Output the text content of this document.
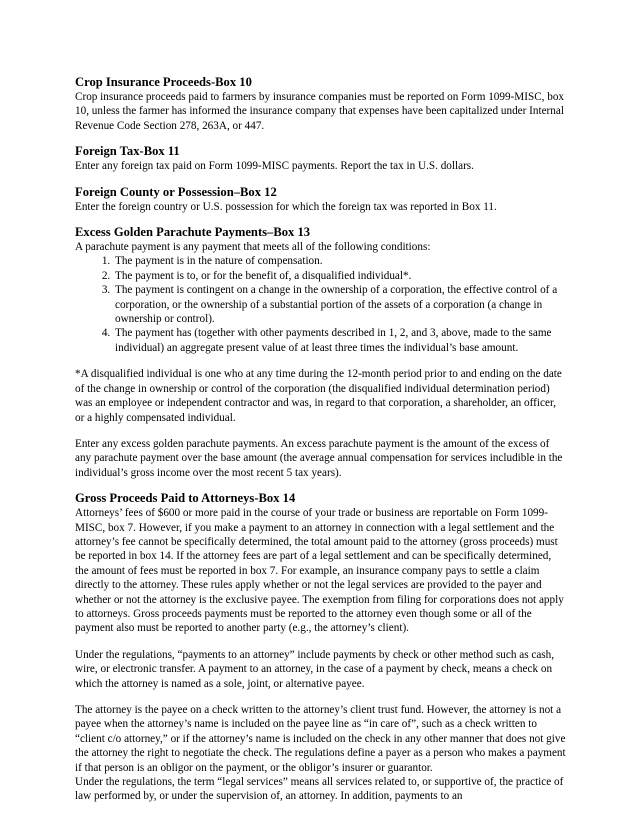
Crop Insurance Proceeds-Box 10

Crop insurance proceeds paid to farmers by insurance companies must be reported on Form 1099-MISC, box 10, unless the farmer has informed the insurance company that expenses have been capitalized under Internal Revenue Code Section 278, 263A, or 447.

Foreign Tax-Box 11

Enter any foreign tax paid on Form 1099-MISC payments. Report the tax in U.S. dollars.

Foreign County or Possession–Box 12

Enter the foreign country or U.S. possession for which the foreign tax was reported in Box 11.

Excess Golden Parachute Payments–Box 13

A parachute payment is any payment that meets all of the following conditions:

1. The payment is in the nature of compensation.
2. The payment is to, or for the benefit of, a disqualified individual*.
3. The payment is contingent on a change in the ownership of a corporation, the effective control of a corporation, or the ownership of a substantial portion of the assets of a corporation (a change in ownership or control).
4. The payment has (together with other payments described in 1, 2, and 3, above, made to the same individual) an aggregate present value of at least three times the individual’s base amount.

*A disqualified individual is one who at any time during the 12-month period prior to and ending on the date of the change in ownership or control of the corporation (the disqualified individual determination period) was an employee or independent contractor and was, in regard to that corporation, a shareholder, an officer, or a highly compensated individual.

Enter any excess golden parachute payments. An excess parachute payment is the amount of the excess of any parachute payment over the base amount (the average annual compensation for services includible in the individual’s gross income over the most recent 5 tax years).

Gross Proceeds Paid to Attorneys-Box 14

Attorneys’ fees of $600 or more paid in the course of your trade or business are reportable on Form 1099-MISC, box 7. However, if you make a payment to an attorney in connection with a legal settlement and the attorney’s fee cannot be specifically determined, the total amount paid to the attorney (gross proceeds) must be reported in box 14. If the attorney fees are part of a legal settlement and can be specifically determined, the amount of fees must be reported in box 7. For example, an insurance company pays to settle a claim directly to the attorney. These rules apply whether or not the legal services are provided to the payer and whether or not the attorney is the exclusive payee. The exemption from filing for corporations does not apply to attorneys. Gross proceeds payments must be reported to the attorney even though some or all of the payment also must be reported to another party (e.g., the attorney’s client).

Under the regulations, “payments to an attorney” include payments by check or other method such as cash, wire, or electronic transfer. A payment to an attorney, in the case of a payment by check, means a check on which the attorney is named as a sole, joint, or alternative payee.

The attorney is the payee on a check written to the attorney’s client trust fund. However, the attorney is not a payee when the attorney’s name is included on the payee line as “in care of”, such as a check written to “client c/o attorney,” or if the attorney’s name is included on the check in any other manner that does not give the attorney the right to negotiate the check. The regulations define a payer as a person who makes a payment if that person is an obligor on the payment, or the obligor’s insurer or guarantor.

Under the regulations, the term “legal services” means all services related to, or supportive of, the practice of law performed by, or under the supervision of, an attorney. In addition, payments to an
